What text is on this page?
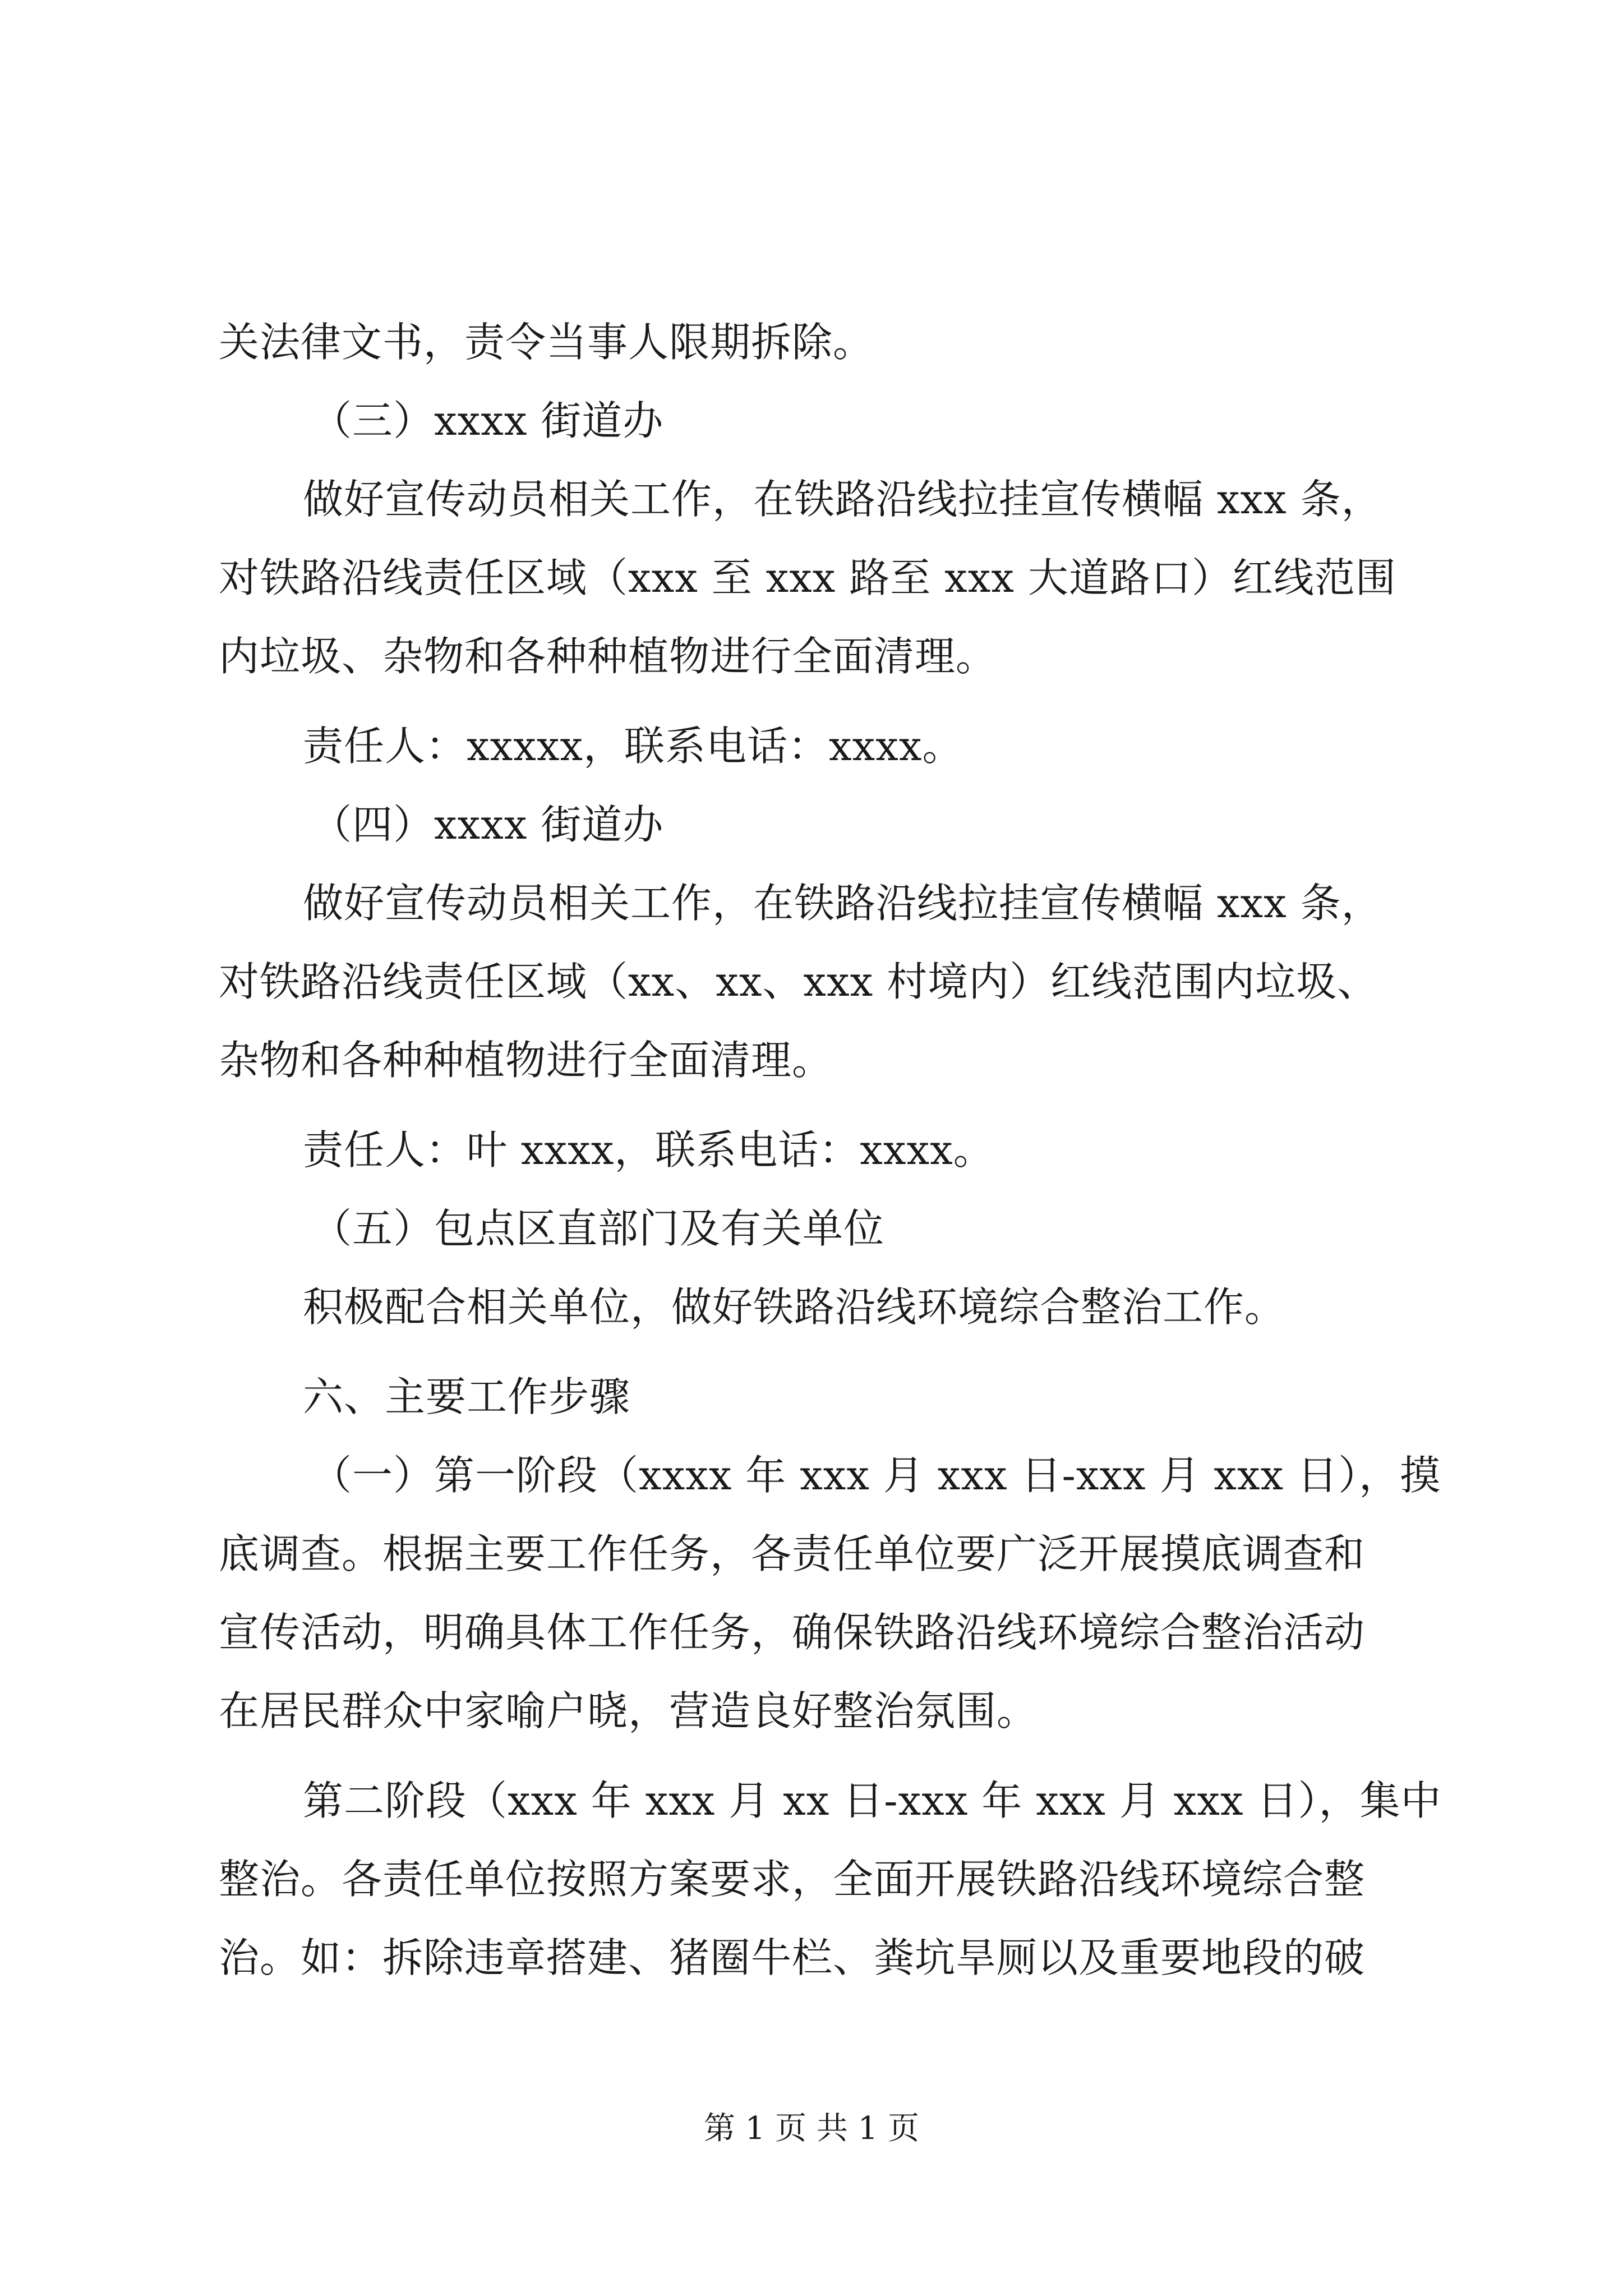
关法律文书，责令当事人限期拆除。
（三）xxxx 街道办
做好宣传动员相关工作，在铁路沿线拉挂宣传横幅 xxx 条，
对铁路沿线责任区域（xxx 至 xxx 路至 xxx 大道路口）红线范围
内垃圾、杂物和各种种植物进行全面清理。
责任人：xxxxx，联系电话：xxxx。
（四）xxxx 街道办
做好宣传动员相关工作，在铁路沿线拉挂宣传横幅 xxx 条，
对铁路沿线责任区域（xx、xx、xxx 村境内）红线范围内垃圾、
杂物和各种种植物进行全面清理。
责任人：叶 xxxx，联系电话：xxxx。
（五）包点区直部门及有关单位
积极配合相关单位，做好铁路沿线环境综合整治工作。
六、主要工作步骤
（一）第一阶段（xxxx 年 xxx 月 xxx 日-xxx 月 xxx 日），摸
底调查。根据主要工作任务，各责任单位要广泛开展摸底调查和
宣传活动，明确具体工作任务，确保铁路沿线环境综合整治活动
在居民群众中家喻户晓，营造良好整治氛围。
第二阶段（xxx 年 xxx 月 xx 日-xxx 年 xxx 月 xxx 日），集中
整治。各责任单位按照方案要求，全面开展铁路沿线环境综合整
治。如：拆除违章搭建、猪圈牛栏、粪坑旱厕以及重要地段的破
第 1 页 共 1 页
